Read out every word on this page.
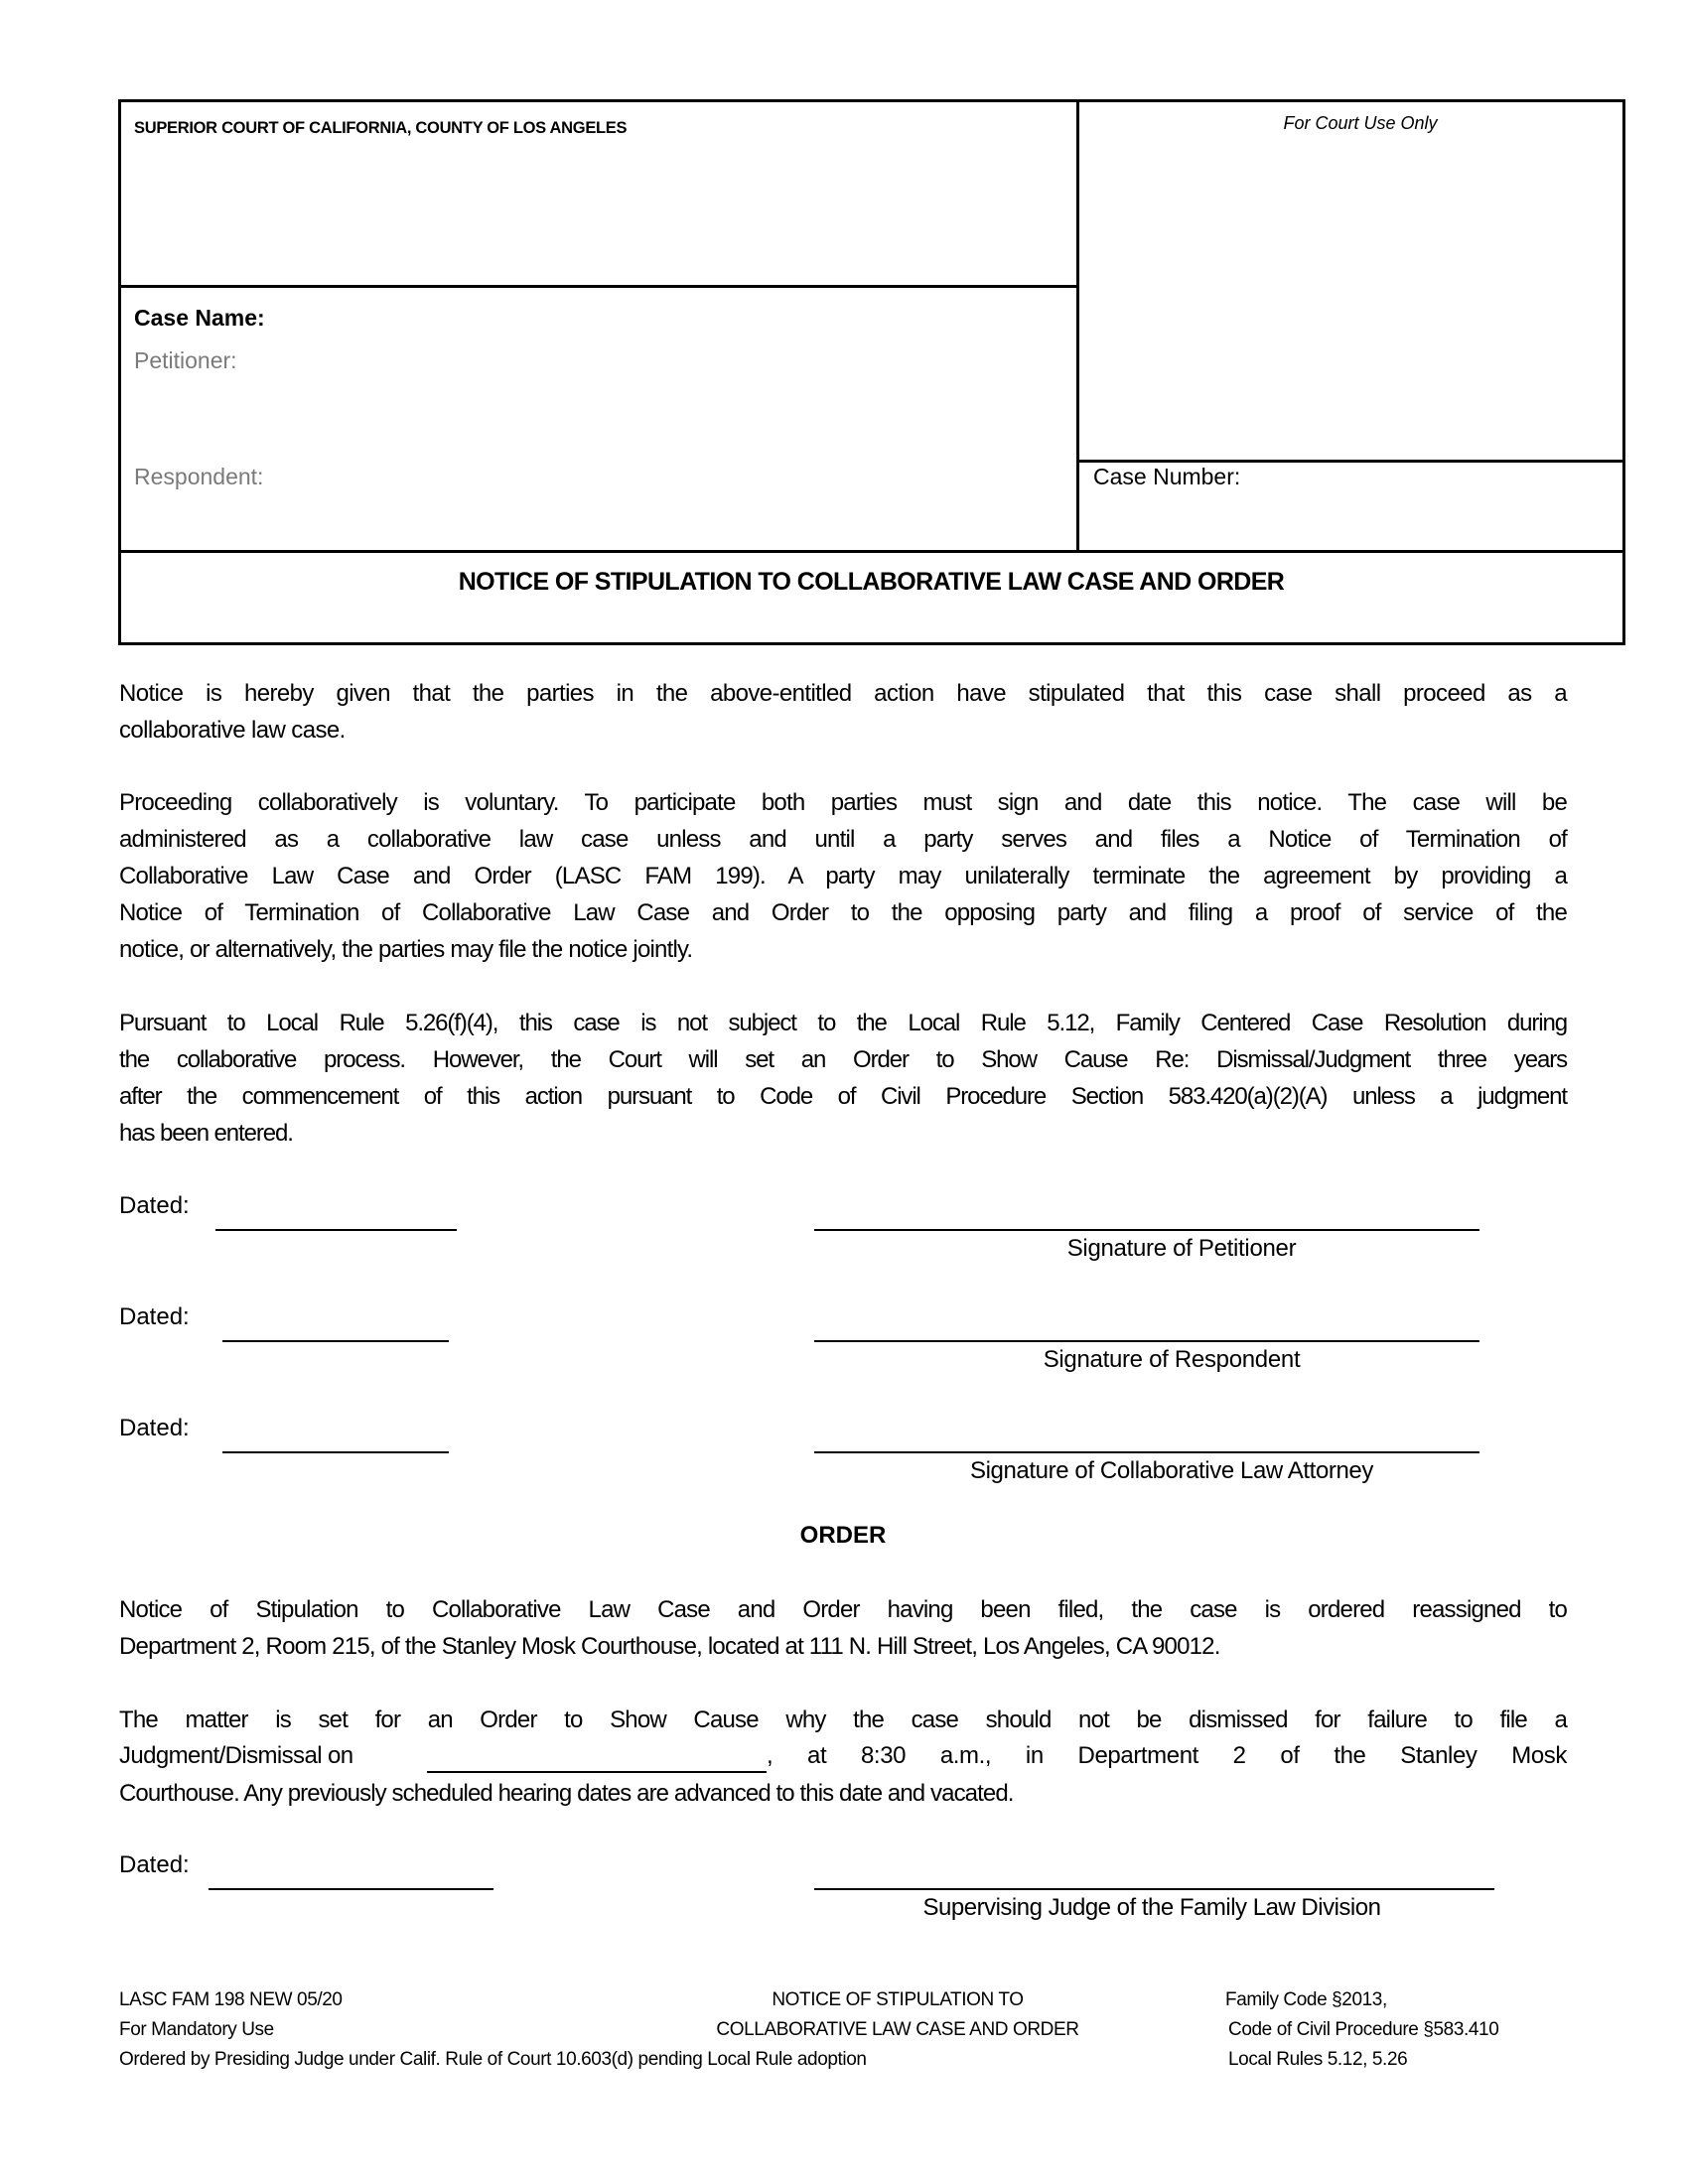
SUPERIOR COURT OF CALIFORNIA, COUNTY OF LOS ANGELES	For Court Use Only
Case Name:
Petitioner:
Respondent:	Case Number:
NOTICE OF STIPULATION TO COLLABORATIVE LAW CASE AND ORDER
Notice is hereby given that the parties in the above-entitled action have stipulated that this case shall proceed as a
collaborative law case.
Proceeding collaboratively is voluntary. To participate both parties must sign and date this notice. The case will be
administered as a collaborative law case unless and until a party serves and files a Notice of Termination of
Collaborative Law Case and Order (LASC FAM 199). A party may unilaterally terminate the agreement by providing a
Notice of Termination of Collaborative Law Case and Order to the opposing party and filing a proof of service of the
notice, or alternatively, the parties may file the notice jointly.
Pursuant to Local Rule 5.26(f)(4), this case is not subject to the Local Rule 5.12, Family Centered Case Resolution during
the collaborative process. However, the Court will set an Order to Show Cause Re: Dismissal/Judgment three years
after the commencement of this action pursuant to Code of Civil Procedure Section 583.420(a)(2)(A) unless a judgment
has been entered.
Dated:
Signature of Petitioner
Dated:
Signature of Respondent
Dated:
Signature of Collaborative Law Attorney
ORDER
Notice of Stipulation to Collaborative Law Case and Order having been filed, the case is ordered reassigned to
Department 2, Room 215, of the Stanley Mosk Courthouse, located at 111 N. Hill Street, Los Angeles, CA 90012.
The matter is set for an Order to Show Cause why the case should not be dismissed for failure to file a
Judgment/Dismissal on	, at 8:30 a.m., in Department 2 of the Stanley Mosk
Courthouse. Any previously scheduled hearing dates are advanced to this date and vacated.
Dated:
Supervising Judge of the Family Law Division
LASC FAM 198 NEW 05/20
For Mandatory Use
Ordered by Presiding Judge under Calif. Rule of Court 10.603(d) pending Local Rule adoption
NOTICE OF STIPULATION TO
COLLABORATIVE LAW CASE AND ORDER
Family Code §2013,
Code of Civil Procedure §583.410
Local Rules 5.12, 5.26
